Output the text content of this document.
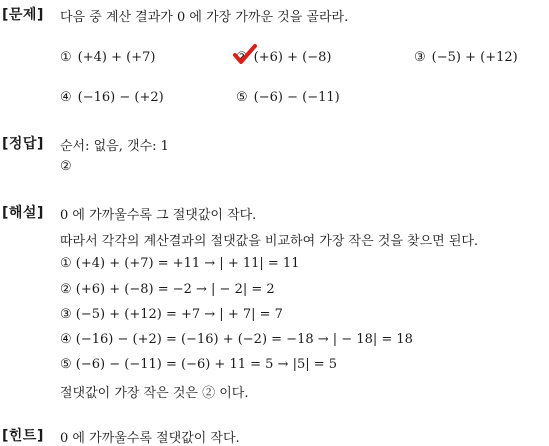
[문제] 다음 중 계산 결과가 0 에 가장 가까운 것을 골라라.
① (+4) + (+7)	② (+6) + (−8)	③ (−5) + (+12)
④ (−16) − (+2)	⑤ (−6) − (−11)
[정답] 순서: 없음, 갯수: 1
②
[해설] 0 에 가까울수록 그 절댓값이 작다.
따라서 각각의 계산결과의 절댓값을 비교하여 가장 작은 것을 찾으면 된다.
① (+4) + (+7) = +11 → | + 11| = 11
② (+6) + (−8) = −2 → | − 2| = 2
③ (−5) + (+12) = +7 → | + 7| = 7
④ (−16) − (+2) = (−16) + (−2) = −18 → | − 18| = 18
⑤ (−6) − (−11) = (−6) + 11 = 5 → |5| = 5
절댓값이 가장 작은 것은 ② 이다.
[힌트] 0 에 가까울수록 절댓값이 작다.
